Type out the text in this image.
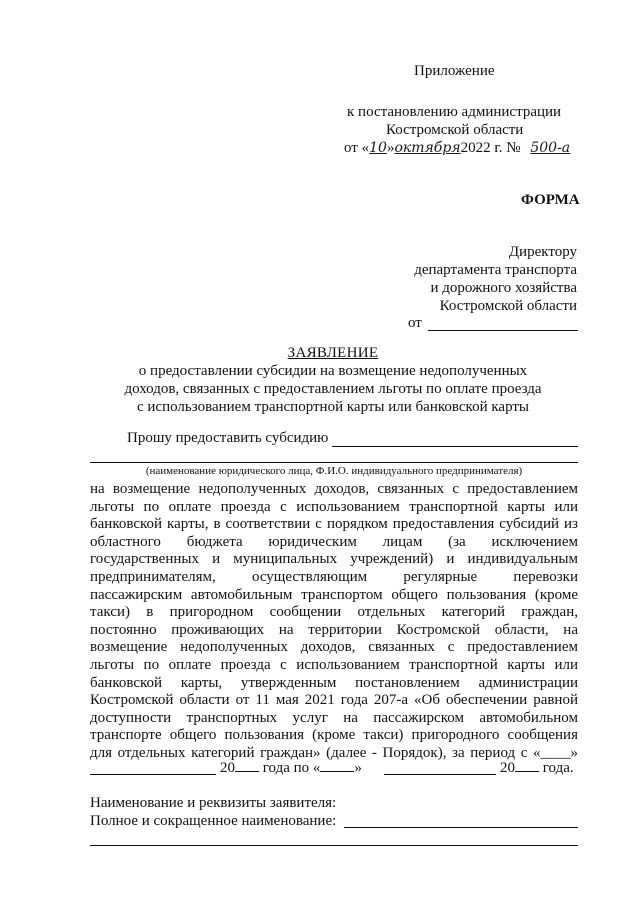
Приложение
к постановлению администрации
Костромской области
от «10»октября2022 г. № 500-а
ФОРМА
Директору
департамента транспорта
и дорожного хозяйства
Костромской области
от
ЗАЯВЛЕНИЕ
о предоставлении субсидии на возмещение недополученных
доходов, связанных с предоставлением льготы по оплате проезда
с использованием транспортной карты или банковской карты
Прошу предоставить субсидию
(наименование юридического лица, Ф.И.О. индивидуального предпринимателя)
на возмещение недополученных доходов, связанных с предоставлением
льготы по оплате проезда с использованием транспортной карты или
банковской карты, в соответствии с порядком предоставления субсидий из
областного бюджета юридическим лицам (за исключением
государственных и муниципальных учреждений) и индивидуальным
предпринимателям, осуществляющим регулярные перевозки
пассажирским автомобильным транспортом общего пользования (кроме
такси) в пригородном сообщении отдельных категорий граждан,
постоянно проживающих на территории Костромской области, на
возмещение недополученных доходов, связанных с предоставлением
льготы по оплате проезда с использованием транспортной карты или
банковской карты, утвержденным постановлением администрации
Костромской области от 11 мая 2021 года 207-а «Об обеспечении равной
доступности транспортных услуг на пассажирском автомобильном
транспорте общего пользования (кроме такси) пригородного сообщения
для отдельных категорий граждан» (далее - Порядок), за период с «____»
20 года по « »	20 года.
Наименование и реквизиты заявителя:
Полное и сокращенное наименование:
